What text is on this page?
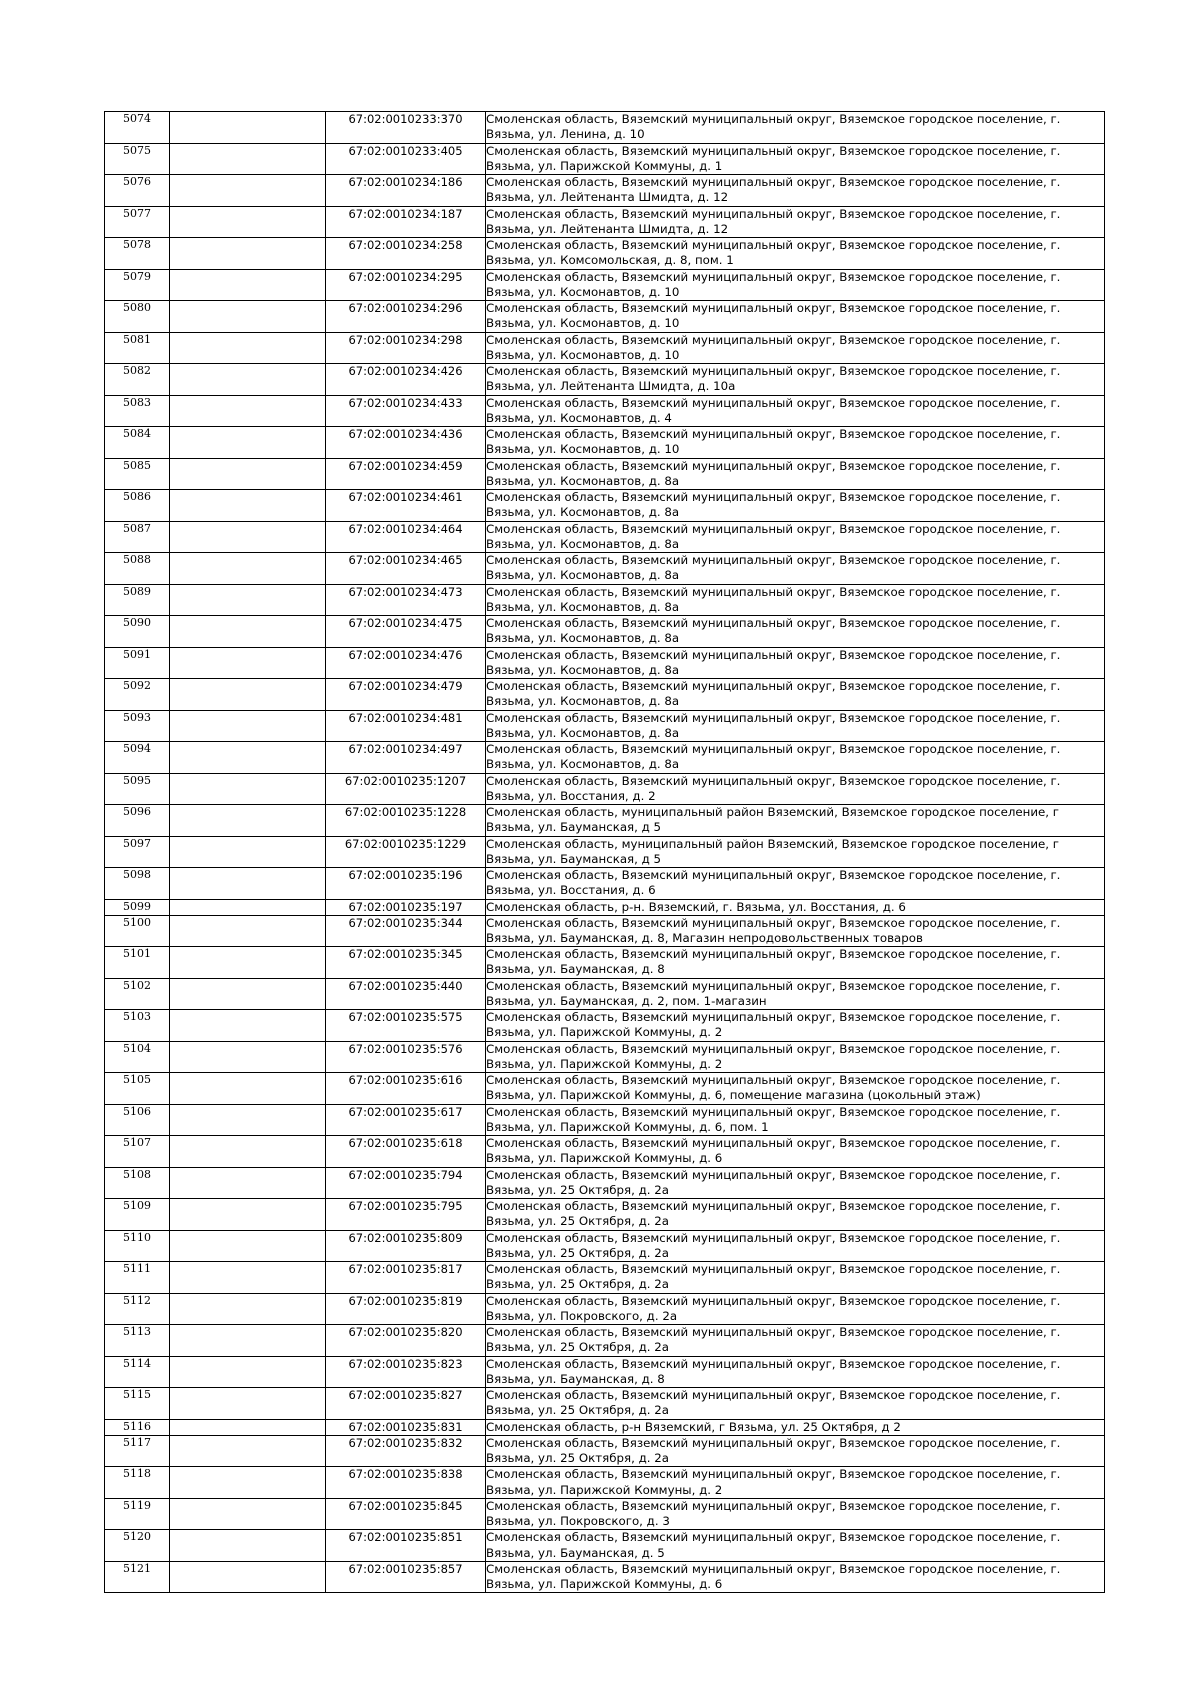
5074		67:02:0010233:370	Смоленская область, Вяземский муниципальный округ, Вяземское городское поселение, г. Вязьма, ул. Ленина, д. 10
5075		67:02:0010233:405	Смоленская область, Вяземский муниципальный округ, Вяземское городское поселение, г. Вязьма, ул. Парижской Коммуны, д. 1
5076		67:02:0010234:186	Смоленская область, Вяземский муниципальный округ, Вяземское городское поселение, г. Вязьма, ул. Лейтенанта Шмидта, д. 12
5077		67:02:0010234:187	Смоленская область, Вяземский муниципальный округ, Вяземское городское поселение, г. Вязьма, ул. Лейтенанта Шмидта, д. 12
5078		67:02:0010234:258	Смоленская область, Вяземский муниципальный округ, Вяземское городское поселение, г. Вязьма, ул. Комсомольская, д. 8, пом. 1
5079		67:02:0010234:295	Смоленская область, Вяземский муниципальный округ, Вяземское городское поселение, г. Вязьма, ул. Космонавтов, д. 10
5080		67:02:0010234:296	Смоленская область, Вяземский муниципальный округ, Вяземское городское поселение, г. Вязьма, ул. Космонавтов, д. 10
5081		67:02:0010234:298	Смоленская область, Вяземский муниципальный округ, Вяземское городское поселение, г. Вязьма, ул. Космонавтов, д. 10
5082		67:02:0010234:426	Смоленская область, Вяземский муниципальный округ, Вяземское городское поселение, г. Вязьма, ул. Лейтенанта Шмидта, д. 10а
5083		67:02:0010234:433	Смоленская область, Вяземский муниципальный округ, Вяземское городское поселение, г. Вязьма, ул. Космонавтов, д. 4
5084		67:02:0010234:436	Смоленская область, Вяземский муниципальный округ, Вяземское городское поселение, г. Вязьма, ул. Космонавтов, д. 10
5085		67:02:0010234:459	Смоленская область, Вяземский муниципальный округ, Вяземское городское поселение, г. Вязьма, ул. Космонавтов, д. 8а
5086		67:02:0010234:461	Смоленская область, Вяземский муниципальный округ, Вяземское городское поселение, г. Вязьма, ул. Космонавтов, д. 8а
5087		67:02:0010234:464	Смоленская область, Вяземский муниципальный округ, Вяземское городское поселение, г. Вязьма, ул. Космонавтов, д. 8а
5088		67:02:0010234:465	Смоленская область, Вяземский муниципальный округ, Вяземское городское поселение, г. Вязьма, ул. Космонавтов, д. 8а
5089		67:02:0010234:473	Смоленская область, Вяземский муниципальный округ, Вяземское городское поселение, г. Вязьма, ул. Космонавтов, д. 8а
5090		67:02:0010234:475	Смоленская область, Вяземский муниципальный округ, Вяземское городское поселение, г. Вязьма, ул. Космонавтов, д. 8а
5091		67:02:0010234:476	Смоленская область, Вяземский муниципальный округ, Вяземское городское поселение, г. Вязьма, ул. Космонавтов, д. 8а
5092		67:02:0010234:479	Смоленская область, Вяземский муниципальный округ, Вяземское городское поселение, г. Вязьма, ул. Космонавтов, д. 8а
5093		67:02:0010234:481	Смоленская область, Вяземский муниципальный округ, Вяземское городское поселение, г. Вязьма, ул. Космонавтов, д. 8а
5094		67:02:0010234:497	Смоленская область, Вяземский муниципальный округ, Вяземское городское поселение, г. Вязьма, ул. Космонавтов, д. 8а
5095		67:02:0010235:1207	Смоленская область, Вяземский муниципальный округ, Вяземское городское поселение, г. Вязьма, ул. Восстания, д. 2
5096		67:02:0010235:1228	Смоленская область, муниципальный район Вяземский, Вяземское городское поселение, г Вязьма, ул. Бауманская, д 5
5097		67:02:0010235:1229	Смоленская область, муниципальный район Вяземский, Вяземское городское поселение, г Вязьма, ул. Бауманская, д 5
5098		67:02:0010235:196	Смоленская область, Вяземский муниципальный округ, Вяземское городское поселение, г. Вязьма, ул. Восстания, д. 6
5099		67:02:0010235:197	Смоленская область, р-н. Вяземский, г. Вязьма, ул. Восстания, д. 6
5100		67:02:0010235:344	Смоленская область, Вяземский муниципальный округ, Вяземское городское поселение, г. Вязьма, ул. Бауманская, д. 8, Магазин непродовольственных товаров
5101		67:02:0010235:345	Смоленская область, Вяземский муниципальный округ, Вяземское городское поселение, г. Вязьма, ул. Бауманская, д. 8
5102		67:02:0010235:440	Смоленская область, Вяземский муниципальный округ, Вяземское городское поселение, г. Вязьма, ул. Бауманская, д. 2, пом. 1-магазин
5103		67:02:0010235:575	Смоленская область, Вяземский муниципальный округ, Вяземское городское поселение, г. Вязьма, ул. Парижской Коммуны, д. 2
5104		67:02:0010235:576	Смоленская область, Вяземский муниципальный округ, Вяземское городское поселение, г. Вязьма, ул. Парижской Коммуны, д. 2
5105		67:02:0010235:616	Смоленская область, Вяземский муниципальный округ, Вяземское городское поселение, г. Вязьма, ул. Парижской Коммуны, д. 6, помещение магазина (цокольный этаж)
5106		67:02:0010235:617	Смоленская область, Вяземский муниципальный округ, Вяземское городское поселение, г. Вязьма, ул. Парижской Коммуны, д. 6, пом. 1
5107		67:02:0010235:618	Смоленская область, Вяземский муниципальный округ, Вяземское городское поселение, г. Вязьма, ул. Парижской Коммуны, д. 6
5108		67:02:0010235:794	Смоленская область, Вяземский муниципальный округ, Вяземское городское поселение, г. Вязьма, ул. 25 Октября, д. 2а
5109		67:02:0010235:795	Смоленская область, Вяземский муниципальный округ, Вяземское городское поселение, г. Вязьма, ул. 25 Октября, д. 2а
5110		67:02:0010235:809	Смоленская область, Вяземский муниципальный округ, Вяземское городское поселение, г. Вязьма, ул. 25 Октября, д. 2а
5111		67:02:0010235:817	Смоленская область, Вяземский муниципальный округ, Вяземское городское поселение, г. Вязьма, ул. 25 Октября, д. 2а
5112		67:02:0010235:819	Смоленская область, Вяземский муниципальный округ, Вяземское городское поселение, г. Вязьма, ул. Покровского, д. 2а
5113		67:02:0010235:820	Смоленская область, Вяземский муниципальный округ, Вяземское городское поселение, г. Вязьма, ул. 25 Октября, д. 2а
5114		67:02:0010235:823	Смоленская область, Вяземский муниципальный округ, Вяземское городское поселение, г. Вязьма, ул. Бауманская, д. 8
5115		67:02:0010235:827	Смоленская область, Вяземский муниципальный округ, Вяземское городское поселение, г. Вязьма, ул. 25 Октября, д. 2а
5116		67:02:0010235:831	Смоленская область, р-н Вяземский, г Вязьма, ул. 25 Октября, д 2
5117		67:02:0010235:832	Смоленская область, Вяземский муниципальный округ, Вяземское городское поселение, г. Вязьма, ул. 25 Октября, д. 2а
5118		67:02:0010235:838	Смоленская область, Вяземский муниципальный округ, Вяземское городское поселение, г. Вязьма, ул. Парижской Коммуны, д. 2
5119		67:02:0010235:845	Смоленская область, Вяземский муниципальный округ, Вяземское городское поселение, г. Вязьма, ул. Покровского, д. 3
5120		67:02:0010235:851	Смоленская область, Вяземский муниципальный округ, Вяземское городское поселение, г. Вязьма, ул. Бауманская, д. 5
5121		67:02:0010235:857	Смоленская область, Вяземский муниципальный округ, Вяземское городское поселение, г. Вязьма, ул. Парижской Коммуны, д. 6
